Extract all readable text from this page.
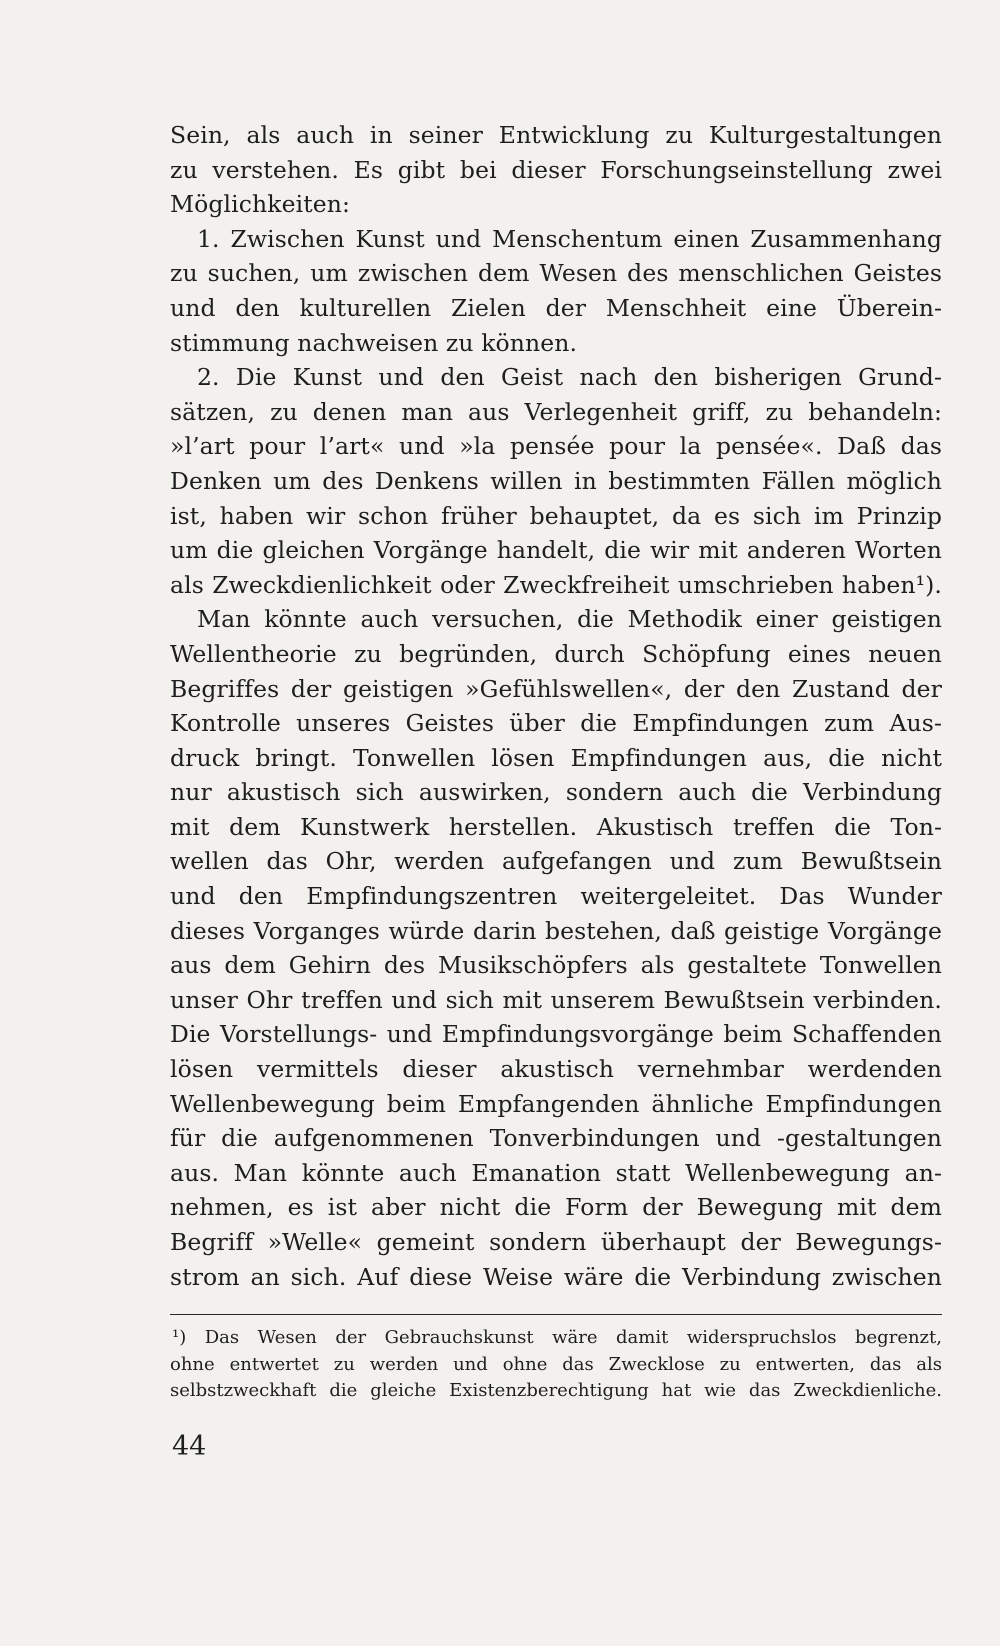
Sein, als auch in seiner Entwicklung zu Kulturgestaltungen
zu verstehen. Es gibt bei dieser Forschungseinstellung zwei
Möglichkeiten:
1. Zwischen Kunst und Menschentum einen Zusammenhang
zu suchen, um zwischen dem Wesen des menschlichen Geistes
und den kulturellen Zielen der Menschheit eine Überein-
stimmung nachweisen zu können.
2. Die Kunst und den Geist nach den bisherigen Grund-
sätzen, zu denen man aus Verlegenheit griff, zu behandeln:
»l’art pour l’art« und »la pensée pour la pensée«. Daß das
Denken um des Denkens willen in bestimmten Fällen möglich
ist, haben wir schon früher behauptet, da es sich im Prinzip
um die gleichen Vorgänge handelt, die wir mit anderen Worten
als Zweckdienlichkeit oder Zweckfreiheit umschrieben haben¹).
Man könnte auch versuchen, die Methodik einer geistigen
Wellentheorie zu begründen, durch Schöpfung eines neuen
Begriffes der geistigen »Gefühlswellen«, der den Zustand der
Kontrolle unseres Geistes über die Empfindungen zum Aus-
druck bringt. Tonwellen lösen Empfindungen aus, die nicht
nur akustisch sich auswirken, sondern auch die Verbindung
mit dem Kunstwerk herstellen. Akustisch treffen die Ton-
wellen das Ohr, werden aufgefangen und zum Bewußtsein
und den Empfindungszentren weitergeleitet. Das Wunder
dieses Vorganges würde darin bestehen, daß geistige Vorgänge
aus dem Gehirn des Musikschöpfers als gestaltete Tonwellen
unser Ohr treffen und sich mit unserem Bewußtsein verbinden.
Die Vorstellungs- und Empfindungsvorgänge beim Schaffenden
lösen vermittels dieser akustisch vernehmbar werdenden
Wellenbewegung beim Empfangenden ähnliche Empfindungen
für die aufgenommenen Tonverbindungen und -gestaltungen
aus. Man könnte auch Emanation statt Wellenbewegung an-
nehmen, es ist aber nicht die Form der Bewegung mit dem
Begriff »Welle« gemeint sondern überhaupt der Bewegungs-
strom an sich. Auf diese Weise wäre die Verbindung zwischen
¹) Das Wesen der Gebrauchskunst wäre damit widerspruchslos begrenzt,
ohne entwertet zu werden und ohne das Zwecklose zu entwerten, das als
selbstzweckhaft die gleiche Existenzberechtigung hat wie das Zweckdienliche.
44
